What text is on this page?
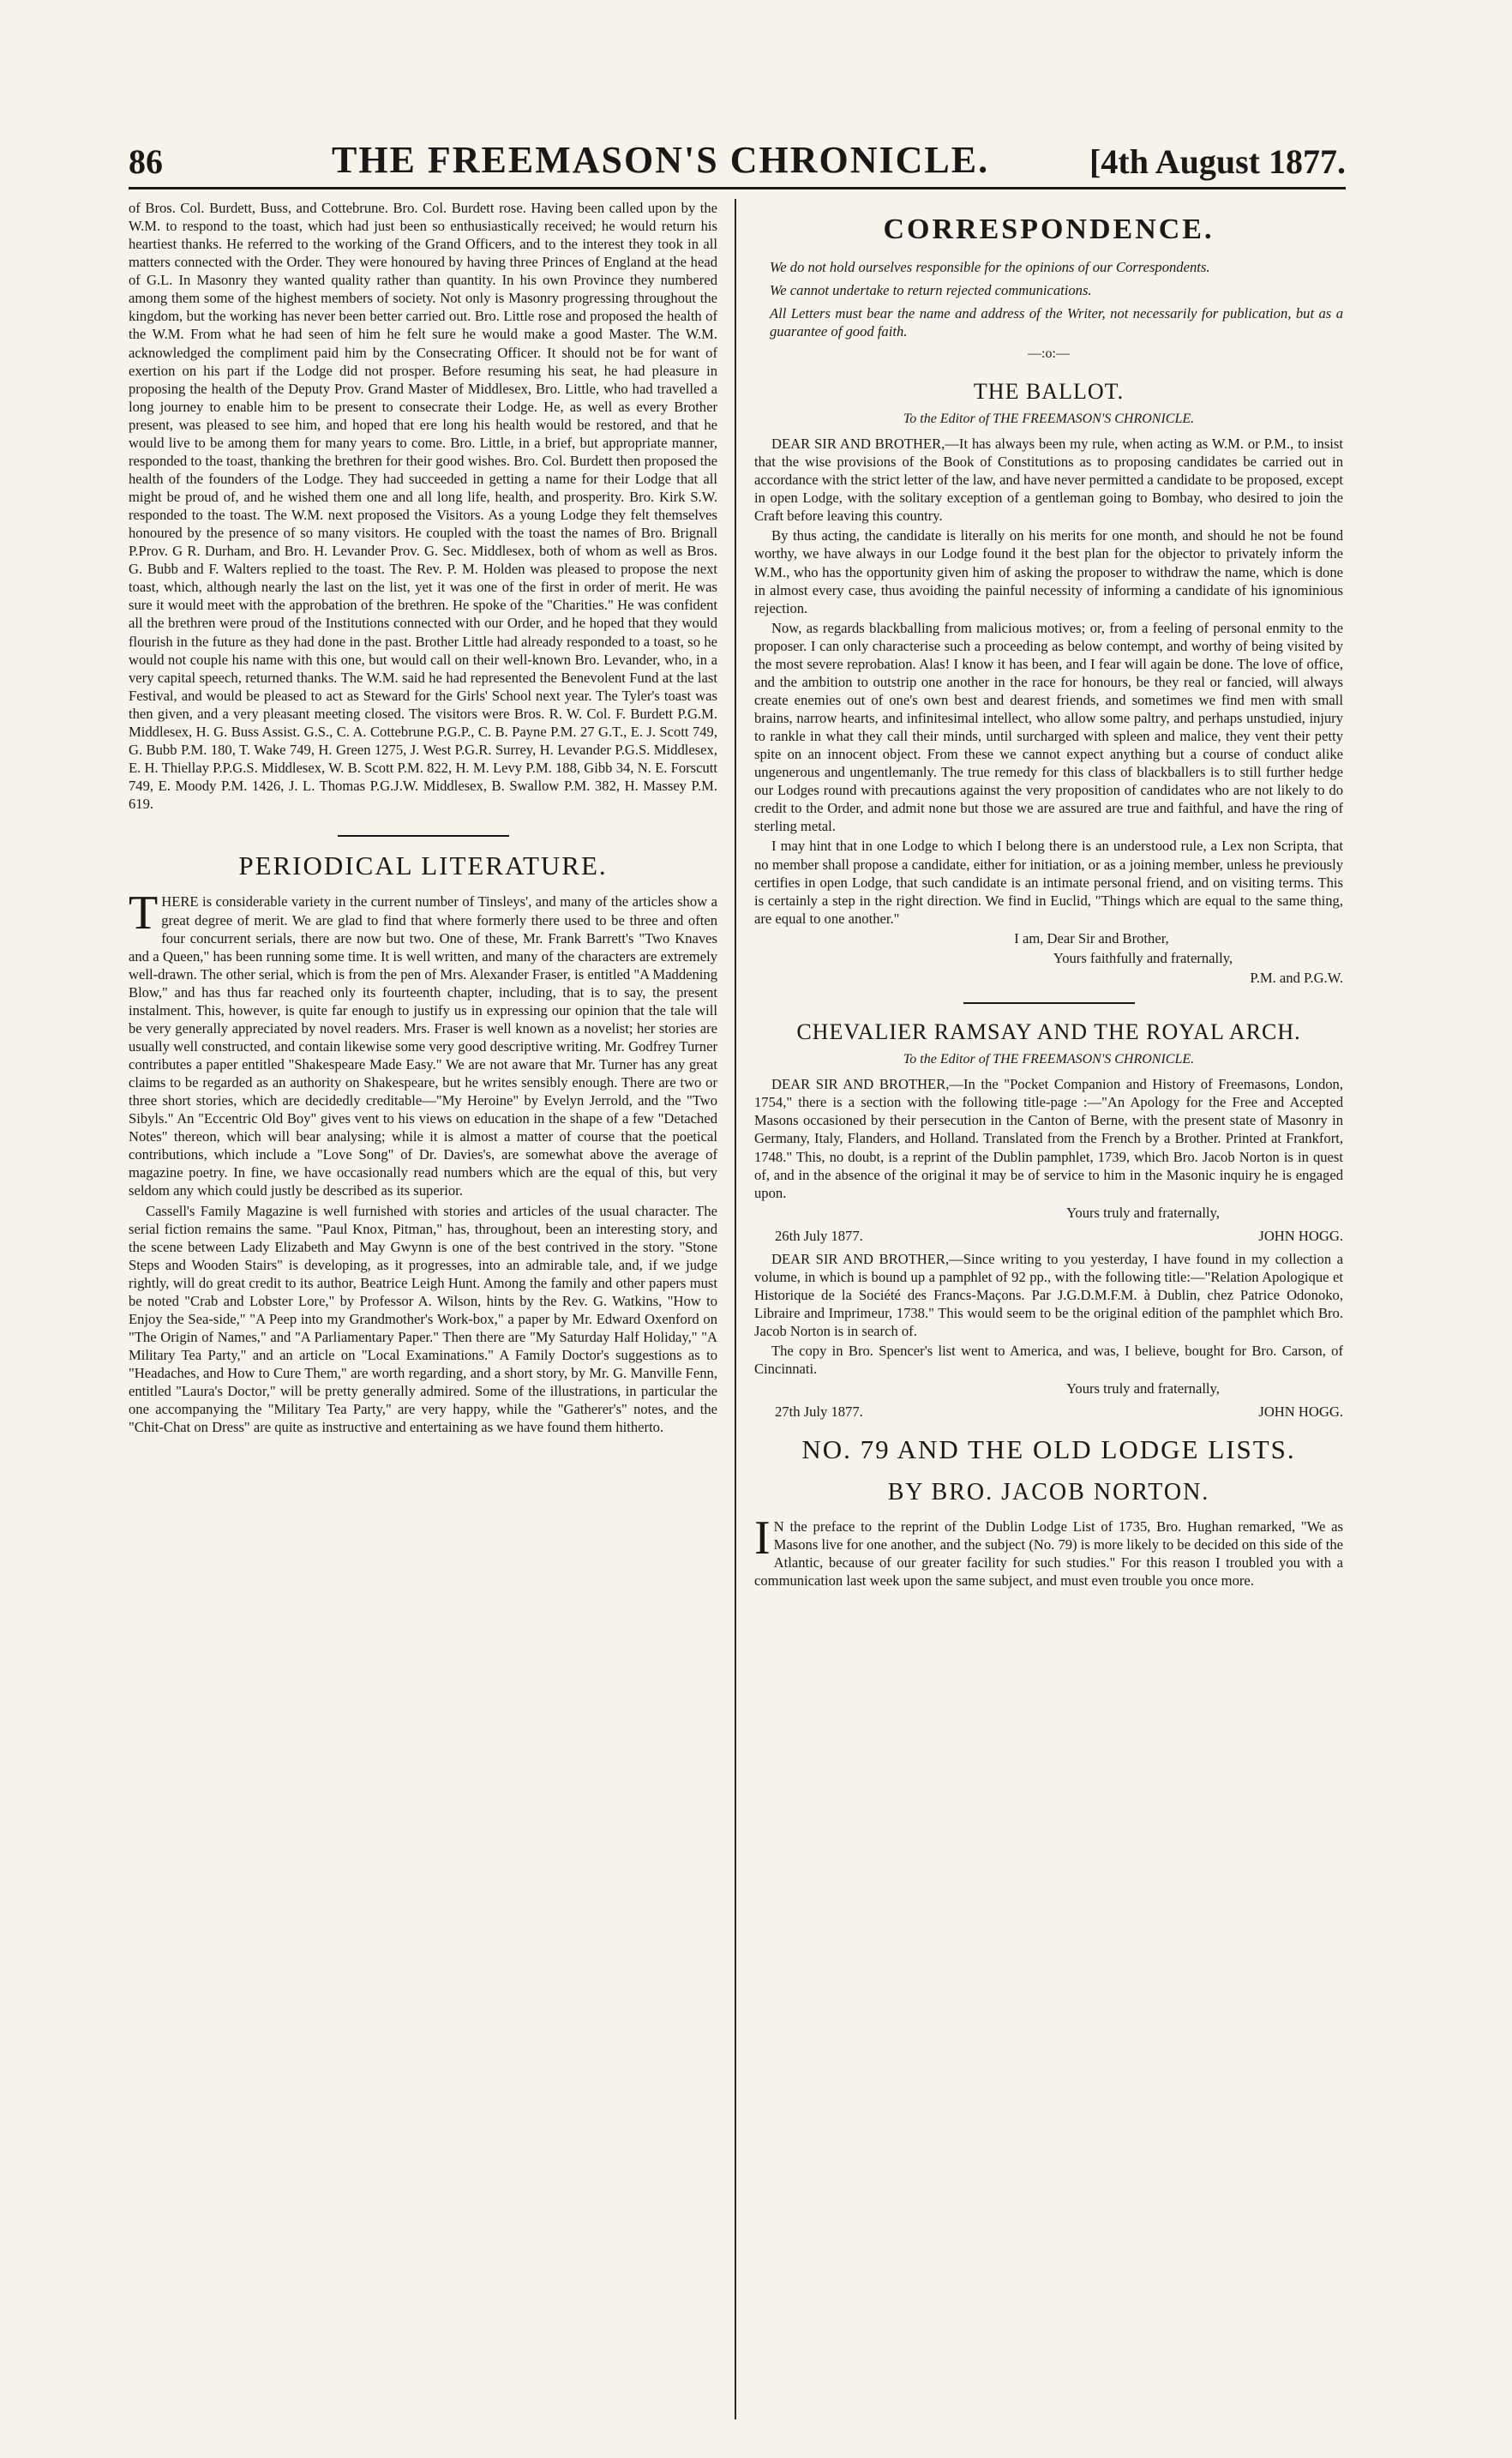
86	THE FREEMASON'S CHRONICLE.	[4th August 1877.

of Bros. Col. Burdett, Buss, and Cottebrune. Bro. Col. Burdett rose. Having been called upon by the W.M. to respond to the toast, which had just been so enthusiastically received; he would return his heartiest thanks. He referred to the working of the Grand Officers, and to the interest they took in all matters connected with the Order. They were honoured by having three Princes of England at the head of G.L. In Masonry they wanted quality rather than quantity. In his own Province they numbered among them some of the highest members of society. Not only is Masonry progressing throughout the kingdom, but the working has never been better carried out. Bro. Little rose and proposed the health of the W.M. From what he had seen of him he felt sure he would make a good Master. The W.M. acknowledged the compliment paid him by the Consecrating Officer. It should not be for want of exertion on his part if the Lodge did not prosper. Before resuming his seat, he had pleasure in proposing the health of the Deputy Prov. Grand Master of Middlesex, Bro. Little, who had travelled a long journey to enable him to be present to consecrate their Lodge. He, as well as every Brother present, was pleased to see him, and hoped that ere long his health would be restored, and that he would live to be among them for many years to come. Bro. Little, in a brief, but appropriate manner, responded to the toast, thanking the brethren for their good wishes. Bro. Col. Burdett then proposed the health of the founders of the Lodge. They had succeeded in getting a name for their Lodge that all might be proud of, and he wished them one and all long life, health, and prosperity. Bro. Kirk S.W. responded to the toast. The W.M. next proposed the Visitors. As a young Lodge they felt themselves honoured by the presence of so many visitors. He coupled with the toast the names of Bro. Brignall P.Prov. G R. Durham, and Bro. H. Levander Prov. G. Sec. Middlesex, both of whom as well as Bros. G. Bubb and F. Walters replied to the toast. The Rev. P. M. Holden was pleased to propose the next toast, which, although nearly the last on the list, yet it was one of the first in order of merit. He was sure it would meet with the approbation of the brethren. He spoke of the "Charities." He was confident all the brethren were proud of the Institutions connected with our Order, and he hoped that they would flourish in the future as they had done in the past. Brother Little had already responded to a toast, so he would not couple his name with this one, but would call on their well-known Bro. Levander, who, in a very capital speech, returned thanks. The W.M. said he had represented the Benevolent Fund at the last Festival, and would be pleased to act as Steward for the Girls' School next year. The Tyler's toast was then given, and a very pleasant meeting closed. The visitors were Bros. R. W. Col. F. Burdett P.G.M. Middlesex, H. G. Buss Assist. G.S., C. A. Cottebrune P.G.P., C. B. Payne P.M. 27 G.T., E. J. Scott 749, G. Bubb P.M. 180, T. Wake 749, H. Green 1275, J. West P.G.R. Surrey, H. Levander P.G.S. Middlesex, E. H. Thiellay P.P.G.S. Middlesex, W. B. Scott P.M. 822, H. M. Levy P.M. 188, Gibb 34, N. E. Forscutt 749, E. Moody P.M. 1426, J. L. Thomas P.G.J.W. Middlesex, B. Swallow P.M. 382, H. Massey P.M. 619.

PERIODICAL LITERATURE.

THERE is considerable variety in the current number of Tinsleys', and many of the articles show a great degree of merit. We are glad to find that where formerly there used to be three and often four concurrent serials, there are now but two. One of these, Mr. Frank Barrett's "Two Knaves and a Queen," has been running some time. It is well written, and many of the characters are extremely well-drawn. The other serial, which is from the pen of Mrs. Alexander Fraser, is entitled "A Maddening Blow," and has thus far reached only its fourteenth chapter, including, that is to say, the present instalment. This, however, is quite far enough to justify us in expressing our opinion that the tale will be very generally appreciated by novel readers. Mrs. Fraser is well known as a novelist; her stories are usually well constructed, and contain likewise some very good descriptive writing. Mr. Godfrey Turner contributes a paper entitled "Shakespeare Made Easy." We are not aware that Mr. Turner has any great claims to be regarded as an authority on Shakespeare, but he writes sensibly enough. There are two or three short stories, which are decidedly creditable—"My Heroine" by Evelyn Jerrold, and the "Two Sibyls." An "Eccentric Old Boy" gives vent to his views on education in the shape of a few "Detached Notes" thereon, which will bear analysing; while it is almost a matter of course that the poetical contributions, which include a "Love Song" of Dr. Davies's, are somewhat above the average of magazine poetry. In fine, we have occasionally read numbers which are the equal of this, but very seldom any which could justly be described as its superior.

Cassell's Family Magazine is well furnished with stories and articles of the usual character. The serial fiction remains the same. "Paul Knox, Pitman," has, throughout, been an interesting story, and the scene between Lady Elizabeth and May Gwynn is one of the best contrived in the story. "Stone Steps and Wooden Stairs" is developing, as it progresses, into an admirable tale, and, if we judge rightly, will do great credit to its author, Beatrice Leigh Hunt. Among the family and other papers must be noted "Crab and Lobster Lore," by Professor A. Wilson, hints by the Rev. G. Watkins, "How to Enjoy the Sea-side," "A Peep into my Grandmother's Work-box," a paper by Mr. Edward Oxenford on "The Origin of Names," and "A Parliamentary Paper." Then there are "My Saturday Half Holiday," "A Military Tea Party," and an article on "Local Examinations." A Family Doctor's suggestions as to "Headaches, and How to Cure Them," are worth regarding, and a short story, by Mr. G. Manville Fenn, entitled "Laura's Doctor," will be pretty generally admired. Some of the illustrations, in particular the one accompanying the "Military Tea Party," are very happy, while the "Gatherer's" notes, and the "Chit-Chat on Dress" are quite as instructive and entertaining as we have found them hitherto.

CORRESPONDENCE.

We do not hold ourselves responsible for the opinions of our Correspondents.

We cannot undertake to return rejected communications.

All Letters must bear the name and address of the Writer, not necessarily for publication, but as a guarantee of good faith.

—:o:—
THE BALLOT.
To the Editor of THE FREEMASON'S CHRONICLE.

DEAR SIR AND BROTHER,—It has always been my rule, when acting as W.M. or P.M., to insist that the wise provisions of the Book of Constitutions as to proposing candidates be carried out in accordance with the strict letter of the law, and have never permitted a candidate to be proposed, except in open Lodge, with the solitary exception of a gentleman going to Bombay, who desired to join the Craft before leaving this country.

By thus acting, the candidate is literally on his merits for one month, and should he not be found worthy, we have always in our Lodge found it the best plan for the objector to privately inform the W.M., who has the opportunity given him of asking the proposer to withdraw the name, which is done in almost every case, thus avoiding the painful necessity of informing a candidate of his ignominious rejection.

Now, as regards blackballing from malicious motives; or, from a feeling of personal enmity to the proposer. I can only characterise such a proceeding as below contempt, and worthy of being visited by the most severe reprobation. Alas! I know it has been, and I fear will again be done. The love of office, and the ambition to outstrip one another in the race for honours, be they real or fancied, will always create enemies out of one's own best and dearest friends, and sometimes we find men with small brains, narrow hearts, and infinitesimal intellect, who allow some paltry, and perhaps unstudied, injury to rankle in what they call their minds, until surcharged with spleen and malice, they vent their petty spite on an innocent object. From these we cannot expect anything but a course of conduct alike ungenerous and ungentlemanly. The true remedy for this class of blackballers is to still further hedge our Lodges round with precautions against the very proposition of candidates who are not likely to do credit to the Order, and admit none but those we are assured are true and faithful, and have the ring of sterling metal.

I may hint that in one Lodge to which I belong there is an understood rule, a Lex non Scripta, that no member shall propose a candidate, either for initiation, or as a joining member, unless he previously certifies in open Lodge, that such candidate is an intimate personal friend, and on visiting terms. This is certainly a step in the right direction. We find in Euclid, "Things which are equal to the same thing, are equal to one another."

I am, Dear Sir and Brother,
Yours faithfully and fraternally,
P.M. and P.G.W.
CHEVALIER RAMSAY AND THE ROYAL ARCH.
To the Editor of THE FREEMASON'S CHRONICLE.

DEAR SIR AND BROTHER,—In the "Pocket Companion and History of Freemasons, London, 1754," there is a section with the following title-page :—"An Apology for the Free and Accepted Masons occasioned by their persecution in the Canton of Berne, with the present state of Masonry in Germany, Italy, Flanders, and Holland. Translated from the French by a Brother. Printed at Frankfort, 1748." This, no doubt, is a reprint of the Dublin pamphlet, 1739, which Bro. Jacob Norton is in quest of, and in the absence of the original it may be of service to him in the Masonic inquiry he is engaged upon.

Yours truly and fraternally,
26th July 1877.	JOHN HOGG.

DEAR SIR AND BROTHER,—Since writing to you yesterday, I have found in my collection a volume, in which is bound up a pamphlet of 92 pp., with the following title:—"Relation Apologique et Historique de la Société des Francs-Maçons. Par J.G.D.M.F.M. à Dublin, chez Patrice Odonoko, Libraire and Imprimeur, 1738." This would seem to be the original edition of the pamphlet which Bro. Jacob Norton is in search of.

The copy in Bro. Spencer's list went to America, and was, I believe, bought for Bro. Carson, of Cincinnati.

Yours truly and fraternally,
27th July 1877.	JOHN HOGG.
NO. 79 AND THE OLD LODGE LISTS.
BY BRO. JACOB NORTON.

I N the preface to the reprint of the Dublin Lodge List of 1735, Bro. Hughan remarked, "We as Masons live for one another, and the subject (No. 79) is more likely to be decided on this side of the Atlantic, because of our greater facility for such studies." For this reason I troubled you with a communication last week upon the same subject, and must even trouble you once more.
